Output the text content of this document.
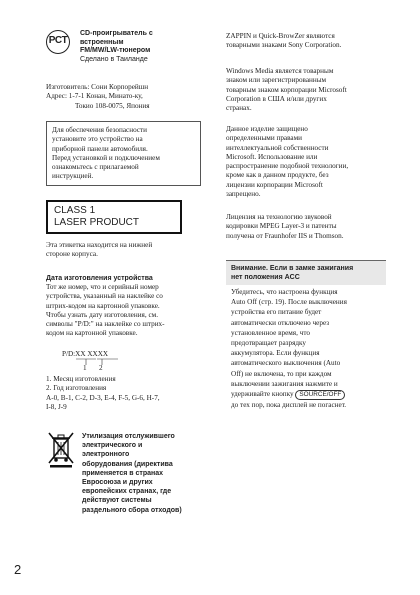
PCT
CD-проигрыватель с
встроенным
FM/MW/LW-тюнером
Сделано в Таиланде
Изготовитель: Сони Корпорейшн
Адрес: 1-7-1 Конан, Минато-ку,
Токио 108-0075, Япония
Для обеспечения безопасности
установите это устройство на
приборной панели автомобиля.
Перед установкой и подключением
ознакомьтесь с прилагаемой
инструкцией.
CLASS 1
LASER PRODUCT
Эта этикетка находится на нижней
стороне корпуса.
Дата изготовления устройства
Тот же номер, что и серийный номер
устройства, указанный на наклейке со
штрих-кодом на картонной упаковке.
Чтобы узнать дату изготовления, см.
символы "P/D:" на наклейке со штрих-
кодом на картонной упаковке.
P/D:XX XXXX
1 2
1. Месяц изготовления
2. Год изготовления
A-0, B-1, C-2, D-3, E-4, F-5, G-6, H-7,
I-8, J-9
Утилизация отслужившего
электрического и
электронного
оборудования (директива
применяется в странах
Евросоюза и других
европейских странах, где
действуют системы
раздельного сбора отходов)
ZAPPIN и Quick-BrowZer являются
товарными знаками Sony Corporation.
Windows Media является товарным
знаком или зарегистрированным
товарным знаком корпорации Microsoft
Corporation в США и/или других
странах.
Данное изделие защищено
определенными правами
интеллектуальной собственности
Microsoft. Использование или
распространение подобной технологии,
кроме как в данном продукте, без
лицензии корпорации Microsoft
запрещено.
Лицензия на технологию звуковой
кодировки MPEG Layer-3 и патенты
получена от Fraunhofer IIS и Thomson.
Внимание. Если в замке зажигания
нет положения ACC
Убедитесь, что настроена функция
Auto Off (стр. 19). После выключения
устройства его питание будет
автоматически отключено через
установленное время, что
предотвращает разрядку
аккумулятора. Если функция
автоматического выключения (Auto
Off) не включена, то при каждом
выключении зажигания нажмите и
удерживайте кнопку SOURCE/OFF
до тех пор, пока дисплей не погаснет.
2
